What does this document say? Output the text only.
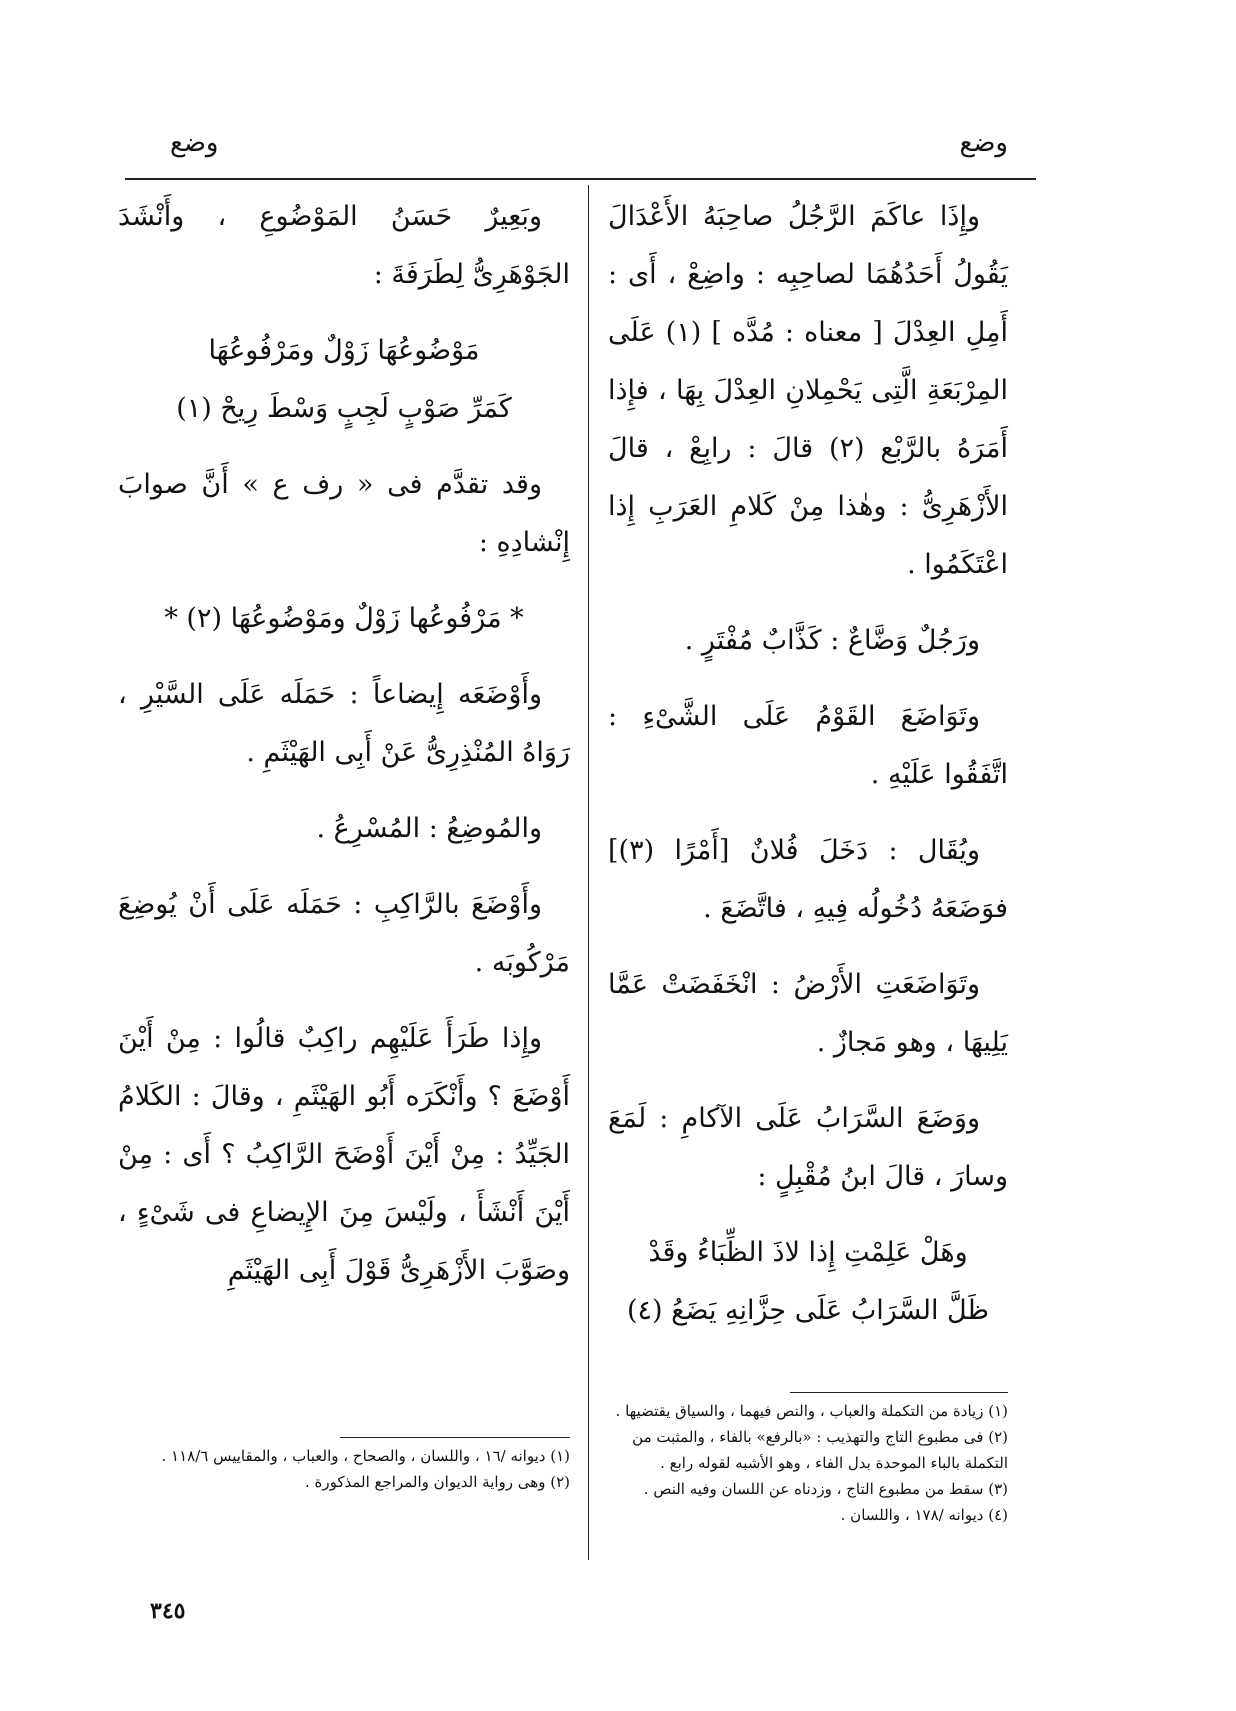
وضع
وضع

وإِذَا عاكَمَ الرَّجُلُ صاحِبَهُ الأَعْدَالَ يَقُولُ أَحَدُهُمَا لصاحِبِه : واضِعْ ، أَى : أَمِلِ العِدْلَ [ معناه : مُدَّه ] (١) عَلَى المِرْبَعَةِ الَّتِى يَحْمِلانِ العِدْلَ بِهَا ، فإِذا أَمَرَهُ بالرَّبْع (٢) قالَ : رابِعْ ، قالَ الأَزْهَرِىُّ : وهٰذا مِنْ كَلامِ العَرَبِ إِذا اعْتَكَمُوا .

ورَجُلٌ وَضَّاعٌ : كَذَّابٌ مُفْتَرٍ .

وتَوَاضَعَ القَوْمُ عَلَى الشَّىْءِ : اتَّفَقُوا عَلَيْهِ .

ويُقَال : دَخَلَ فُلانٌ [أَمْرًا (٣)] فوَضَعَهُ دُخُولُه فِيهِ ، فاتَّضَعَ .

وتَوَاضَعَتِ الأَرْضُ : انْخَفَضَتْ عَمَّا يَلِيهَا ، وهو مَجازٌ .

ووَضَعَ السَّرَابُ عَلَى الآكامِ : لَمَعَ وسارَ ، قالَ ابنُ مُقْبِلٍ :

وهَلْ عَلِمْتِ إِذا لاذَ الظِّبَاءُ وقَدْ
ظَلَّ السَّرَابُ عَلَى حِزَّانِهِ يَضَعُ (٤)

وبَعِيرٌ حَسَنُ المَوْضُوعِ ، وأَنْشَدَ الجَوْهَرِىُّ لِطَرَفَةَ :

مَوْضُوعُهَا زَوْلٌ ومَرْفُوعُهَا
كَمَرِّ صَوْبٍ لَجِبٍ وَسْطَ رِيحْ (١)

وقد تقدَّم فى « رف ع » أَنَّ صوابَ إِنْشادِهِ :

* مَرْفُوعُها زَوْلٌ ومَوْضُوعُهَا (٢) *

وأَوْضَعَه إِيضاعاً : حَمَلَه عَلَى السَّيْرِ ، رَوَاهُ المُنْذِرِىُّ عَنْ أَبِى الهَيْثَمِ .

والمُوضِعُ : المُسْرِعُ .

وأَوْضَعَ بالرَّاكِبِ : حَمَلَه عَلَى أَنْ يُوضِعَ مَرْكُوبَه .

وإِذا طَرَأَ عَلَيْهِم راكِبٌ قالُوا : مِنْ أَيْنَ أَوْضَعَ ؟ وأَنْكَرَه أَبُو الهَيْثَمِ ، وقالَ : الكَلامُ الجَيِّدُ : مِنْ أَيْنَ أَوْضَحَ الرَّاكِبُ ؟ أَى : مِنْ أَيْنَ أَنْشَأَ ، ولَيْسَ مِنَ الإِيضاعِ فى شَىْءٍ ، وصَوَّبَ الأَزْهَرِىُّ قَوْلَ أَبِى الهَيْثَمِ

(١) زيادة من التكملة والعباب ، والنص فيهما ، والسياق يقتضيها .
(٢) فى مطبوع التاج والتهذيب : «بالرفع» بالفاء ، والمثبت من التكملة بالباء الموحدة بدل الفاء ، وهو الأشبه لقوله رابع .
(٣) سقط من مطبوع التاج ، وزدناه عن اللسان وفيه النص .
(٤) ديوانه /١٧٨ ، واللسان .
(١) ديوانه /١٦ ، واللسان ، والصحاح ، والعباب ، والمقاييس ١١٨/٦ .
(٢) وهى رواية الديوان والمراجع المذكورة .
٣٤٥
